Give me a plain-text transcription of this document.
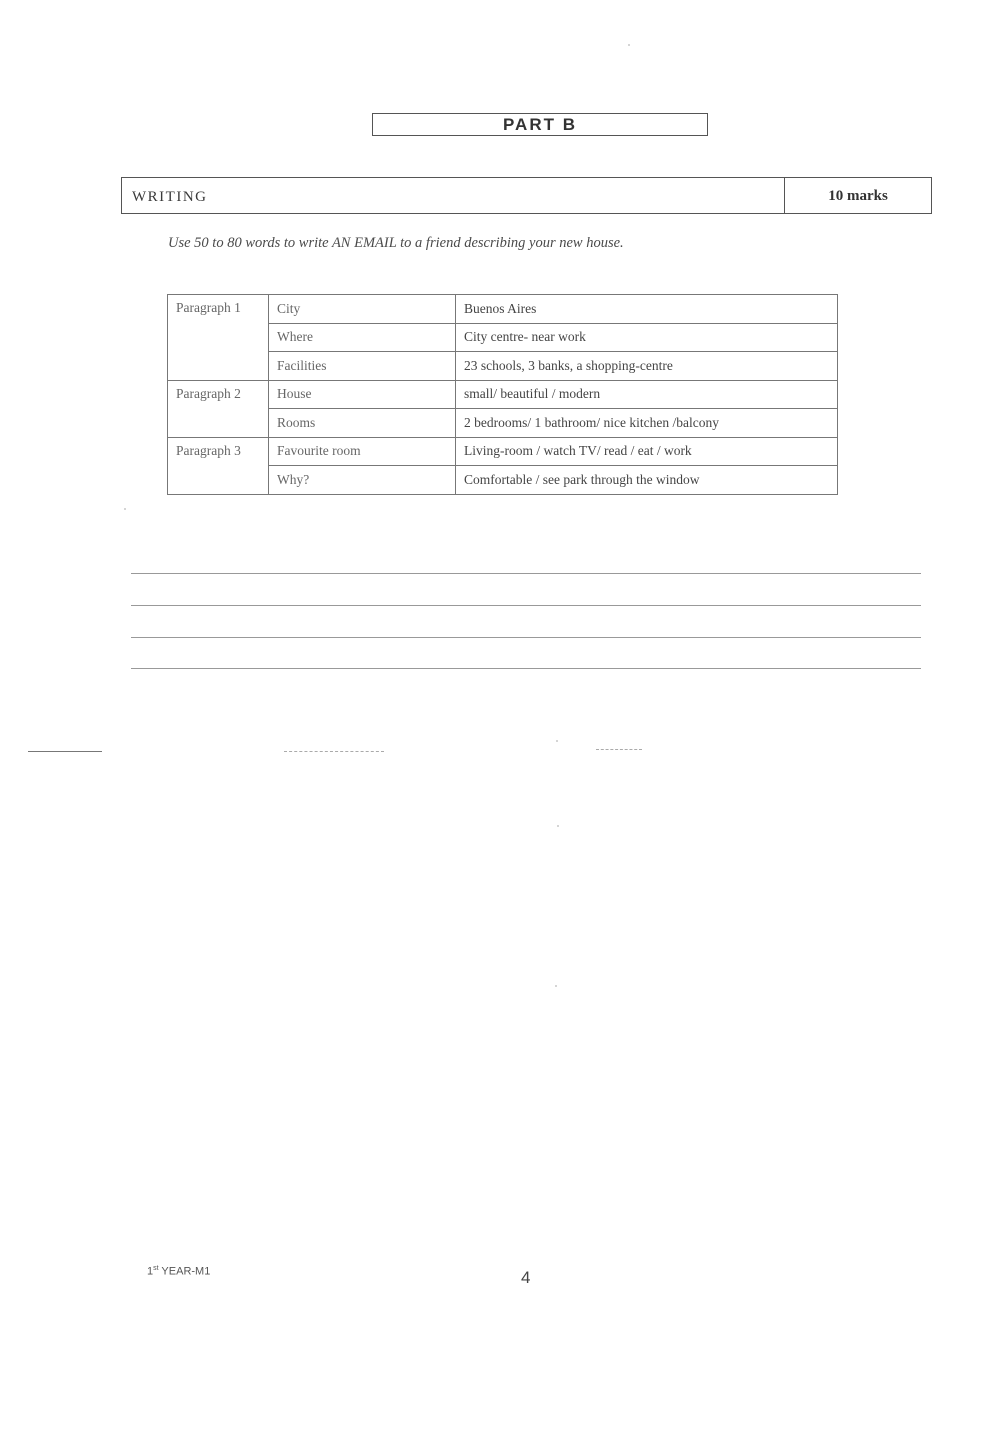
PART B
WRITING	10 marks
Use 50 to 80 words to write AN EMAIL to a friend describing your new house.
Paragraph 1	City	Buenos Aires
	Where	City centre- near work
	Facilities	23 schools, 3 banks, a shopping-centre
Paragraph 2	House	small/ beautiful / modern
	Rooms	2 bedrooms/ 1 bathroom/ nice kitchen /balcony
Paragraph 3	Favourite room	Living-room / watch TV/ read / eat / work
	Why?	Comfortable / see park through the window
1st YEAR-M1	4
